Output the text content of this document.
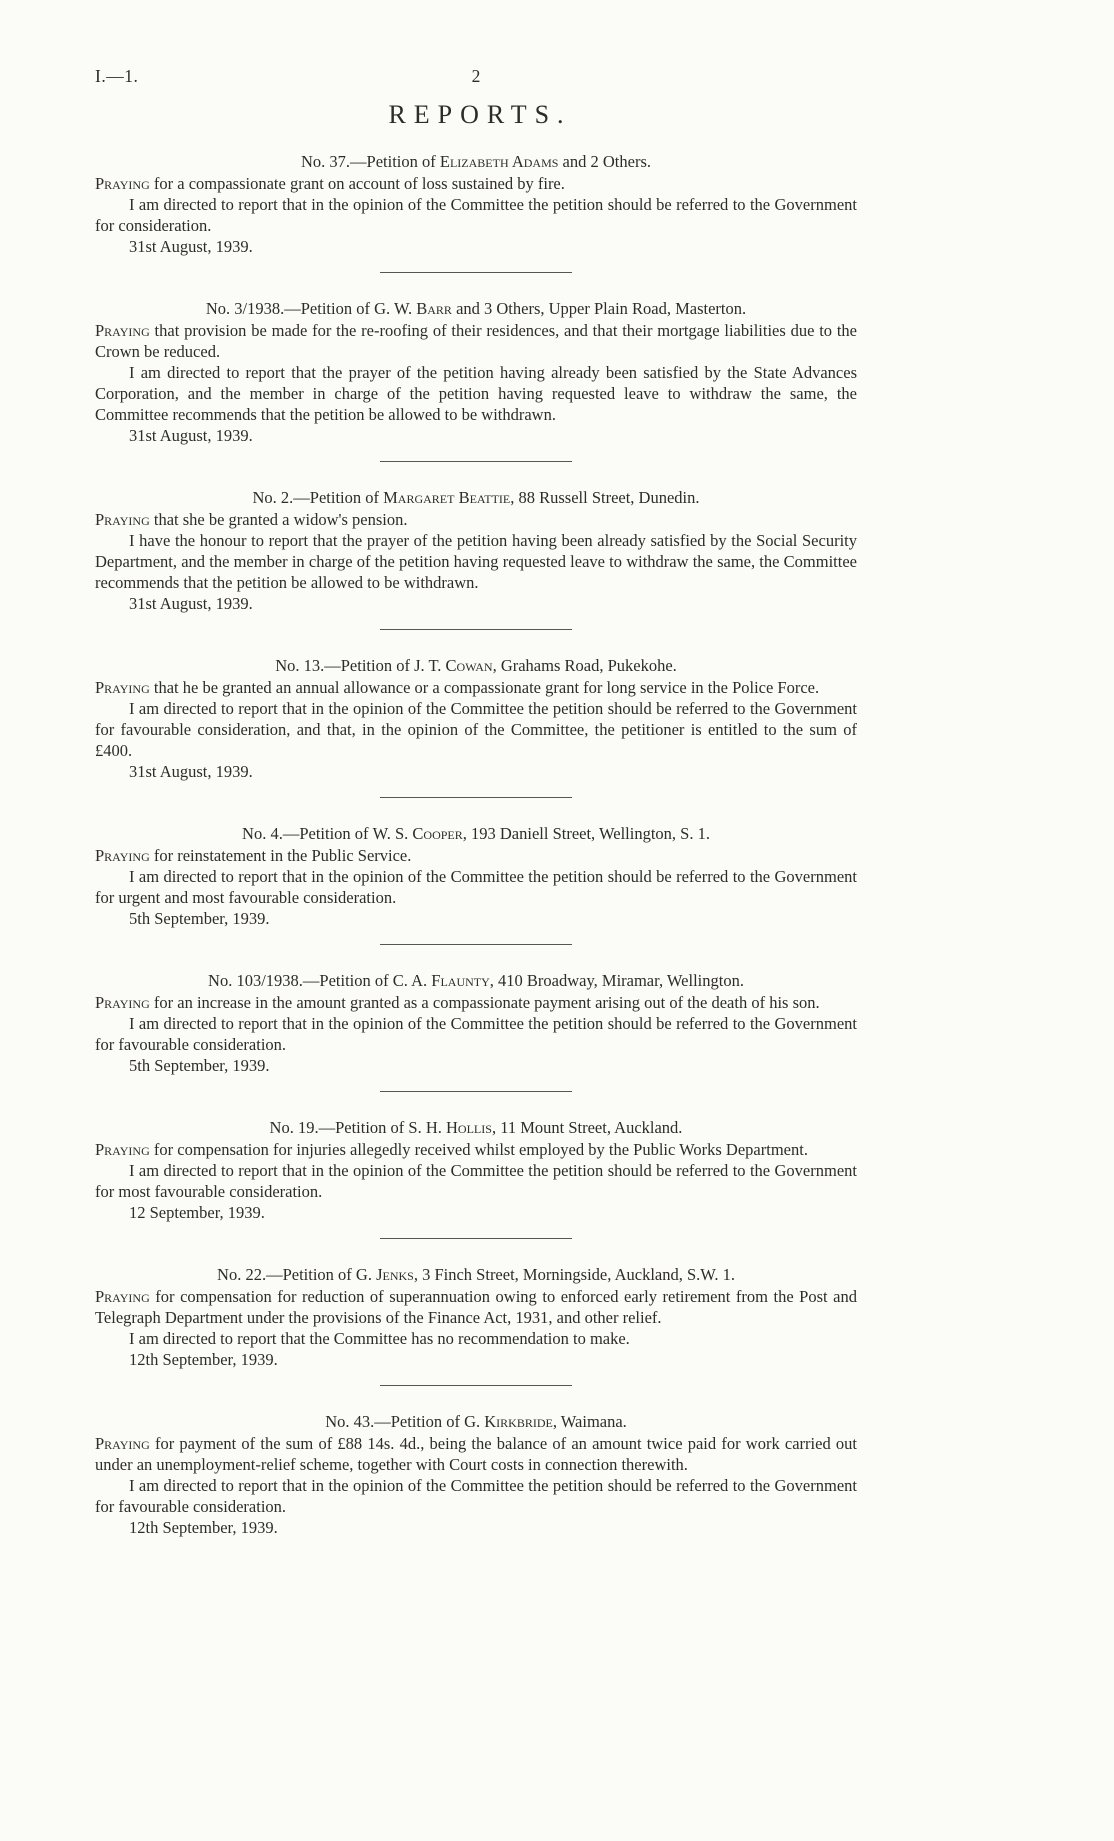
I.—1.	2
REPORTS.
No. 37.—Petition of Elizabeth Adams and 2 Others.

Praying for a compassionate grant on account of loss sustained by fire.

I am directed to report that in the opinion of the Committee the petition should be referred to the Government for consideration.

31st August, 1939.

No. 3/1938.—Petition of G. W. Barr and 3 Others, Upper Plain Road, Masterton.

Praying that provision be made for the re-roofing of their residences, and that their mortgage liabilities due to the Crown be reduced.

I am directed to report that the prayer of the petition having already been satisfied by the State Advances Corporation, and the member in charge of the petition having requested leave to withdraw the same, the Committee recommends that the petition be allowed to be withdrawn.

31st August, 1939.

No. 2.—Petition of Margaret Beattie, 88 Russell Street, Dunedin.

Praying that she be granted a widow's pension.

I have the honour to report that the prayer of the petition having been already satisfied by the Social Security Department, and the member in charge of the petition having requested leave to withdraw the same, the Committee recommends that the petition be allowed to be withdrawn.

31st August, 1939.

No. 13.—Petition of J. T. Cowan, Grahams Road, Pukekohe.

Praying that he be granted an annual allowance or a compassionate grant for long service in the Police Force.

I am directed to report that in the opinion of the Committee the petition should be referred to the Government for favourable consideration, and that, in the opinion of the Committee, the petitioner is entitled to the sum of £400.

31st August, 1939.

No. 4.—Petition of W. S. Cooper, 193 Daniell Street, Wellington, S. 1.

Praying for reinstatement in the Public Service.

I am directed to report that in the opinion of the Committee the petition should be referred to the Government for urgent and most favourable consideration.

5th September, 1939.

No. 103/1938.—Petition of C. A. Flaunty, 410 Broadway, Miramar, Wellington.

Praying for an increase in the amount granted as a compassionate payment arising out of the death of his son.

I am directed to report that in the opinion of the Committee the petition should be referred to the Government for favourable consideration.

5th September, 1939.

No. 19.—Petition of S. H. Hollis, 11 Mount Street, Auckland.

Praying for compensation for injuries allegedly received whilst employed by the Public Works Department.

I am directed to report that in the opinion of the Committee the petition should be referred to the Government for most favourable consideration.

12 September, 1939.

No. 22.—Petition of G. Jenks, 3 Finch Street, Morningside, Auckland, S.W. 1.

Praying for compensation for reduction of superannuation owing to enforced early retirement from the Post and Telegraph Department under the provisions of the Finance Act, 1931, and other relief.

I am directed to report that the Committee has no recommendation to make.

12th September, 1939.

No. 43.—Petition of G. Kirkbride, Waimana.

Praying for payment of the sum of £88 14s. 4d., being the balance of an amount twice paid for work carried out under an unemployment-relief scheme, together with Court costs in connection therewith.

I am directed to report that in the opinion of the Committee the petition should be referred to the Government for favourable consideration.

12th September, 1939.
